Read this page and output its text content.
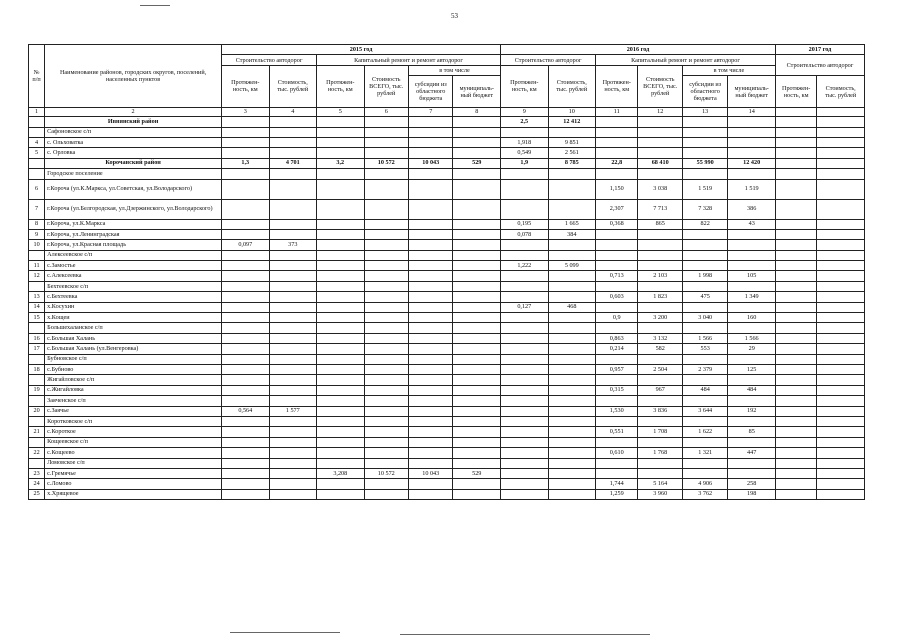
53
№ п/п	Наименование районов, городских округов, поселений, населенных пунктов	2015 год						2016 год						2017 год	
		Строительство автодорог		Капитальный ремонт и ремонт автодорог				Строительство автодорог		Капитальный ремонт и ремонт автодорог				Строительство автодорог	
		Протяжен-ность, км	Стоимость, тыс. рублей	Протяжен-ность, км	Стоимость ВСЕГО, тыс. рублей	в том числе		Протяжен-ность, км	Стоимость, тыс. рублей	Протяжен-ность, км	Стоимость ВСЕГО, тыс. рублей	в том числе			
						субсидии из областного бюджета	муниципаль-ный бюджет					субсидии из областного бюджета	муниципаль-ный бюджет	Протяжен-ность, км	Стоимость, тыс. рублей
1	2	3	4	5	6	7	8	9	10	11	12	13	14		
	Ивнянский район							2,5	12 412						
	Сафоновское с/п														
4	с. Ольховатка							1,918	9 851						
5	с. Орловка							0,549	2 561						
	Корочанский район	1,3	4 701	3,2	10 572	10 043	529	1,9	8 785	22,8	68 410	55 990	12 420		
	Городское поселение														
6	г.Короча (ул.К.Маркса, ул.Советская, ул.Володарского)									1,150	3 038	1 519	1 519		
7	г.Короча (ул.Белгородская, ул.Дзержинского, ул.Володарского)									2,307	7 713	7 328	386		
8	г.Короча, ул.К.Маркса							0,195	1 665	0,368	865	822	43		
9	г.Короча, ул.Ленинградская							0,078	384						
10	г.Короча, ул.Красная площадь	0,097	373												
	Алексеевское с/п														
11	с.Замостье							1,222	5 099						
12	с.Алексеевка									0,713	2 103	1 998	105		
	Бехтеевское с/п														
13	с.Бехтеевка									0,603	1 823	475	1 349		
14	х.Косухин							0,127	468						
15	х.Кощеи									0,9	3 200	3 040	160		
	Большехаланское с/п														
16	с.Большая Халань									0,863	3 132	1 566	1 566		
17	с.Большая Халань (ул.Венгеровка)									0,214	582	553	29		
	Бубновское с/п														
18	с.Бубново									0,957	2 504	2 379	125		
	Жигайловское с/п														
19	с.Жигайловка									0,315	967	484	484		
	Заяченское с/п														
20	с.Заячье	0,564	1 577							1,530	3 836	3 644	192		
	Коротковское с/п														
21	с.Короткое									0,551	1 708	1 622	85		
	Кощеевское с/п														
22	с.Кощеево									0,610	1 768	1 321	447		
	Ломовское с/п														
23	с.Гремячье			3,208	10 572	10 043	529								
24	с.Ломово									1,744	5 164	4 906	258		
25	х.Хрящевое									1,259	3 960	3 762	198		
